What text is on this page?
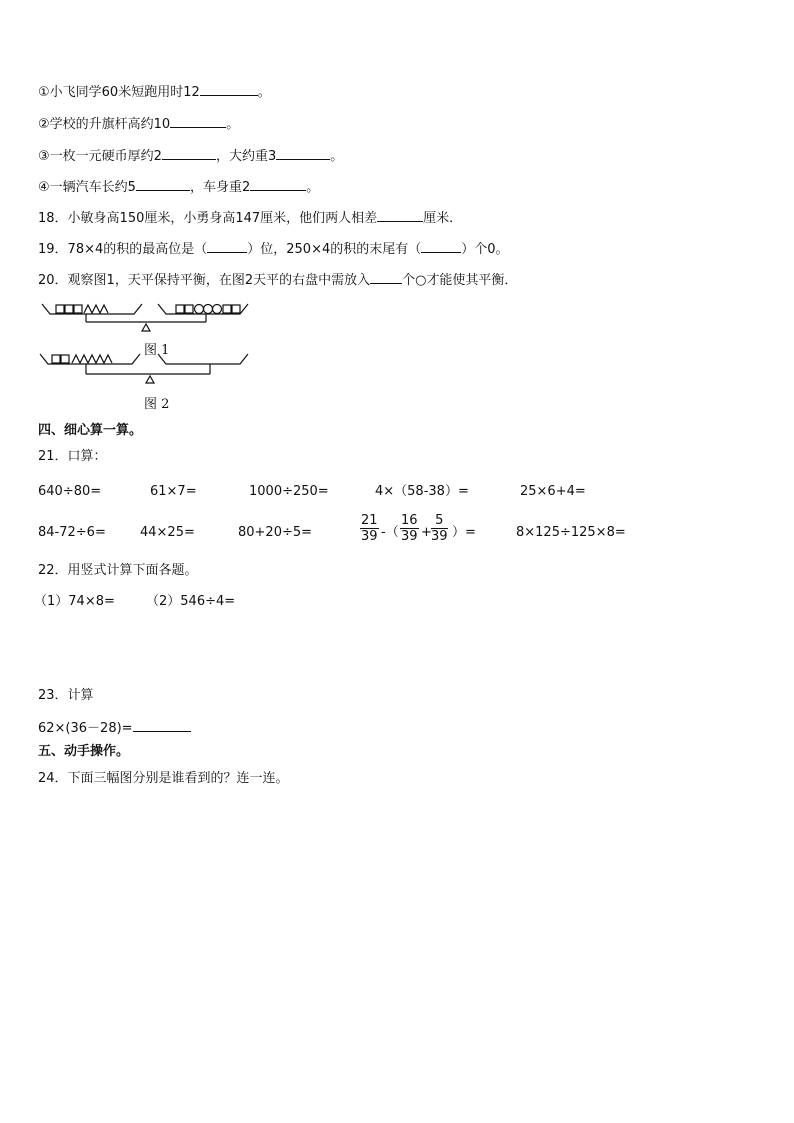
①小飞同学60米短跑用时12	。
②学校的升旗杆高约10	。
③一枚一元硬币厚约2	，大约重3	。
④一辆汽车长约5	，车身重2	。
18．小敏身高150厘米，小勇身高147厘米，他们两人相差	厘米．
19．78×4的积的最高位是（	）位，250×4的积的末尾有（	）个0。
20．观察图1，天平保持平衡，在图2天平的右盘中需放入 个○才能使其平衡．
图 1
图 2
四、细心算一算。
21．口算：
640÷80=	61×7=	1000÷250=	4×（58-38）=	25×6+4=
84-72÷6=	44×25=	80+20÷5=	$\frac{21}{39}$ -（ $\frac{16}{39} + \frac{5}{39}$ ）=	8×125÷125×8=
22．用竖式计算下面各题。
（1）74×8= （2）546÷4=
23．计算
62×(36－28)=
五、动手操作。
24．下面三幅图分别是谁看到的？连一连。
